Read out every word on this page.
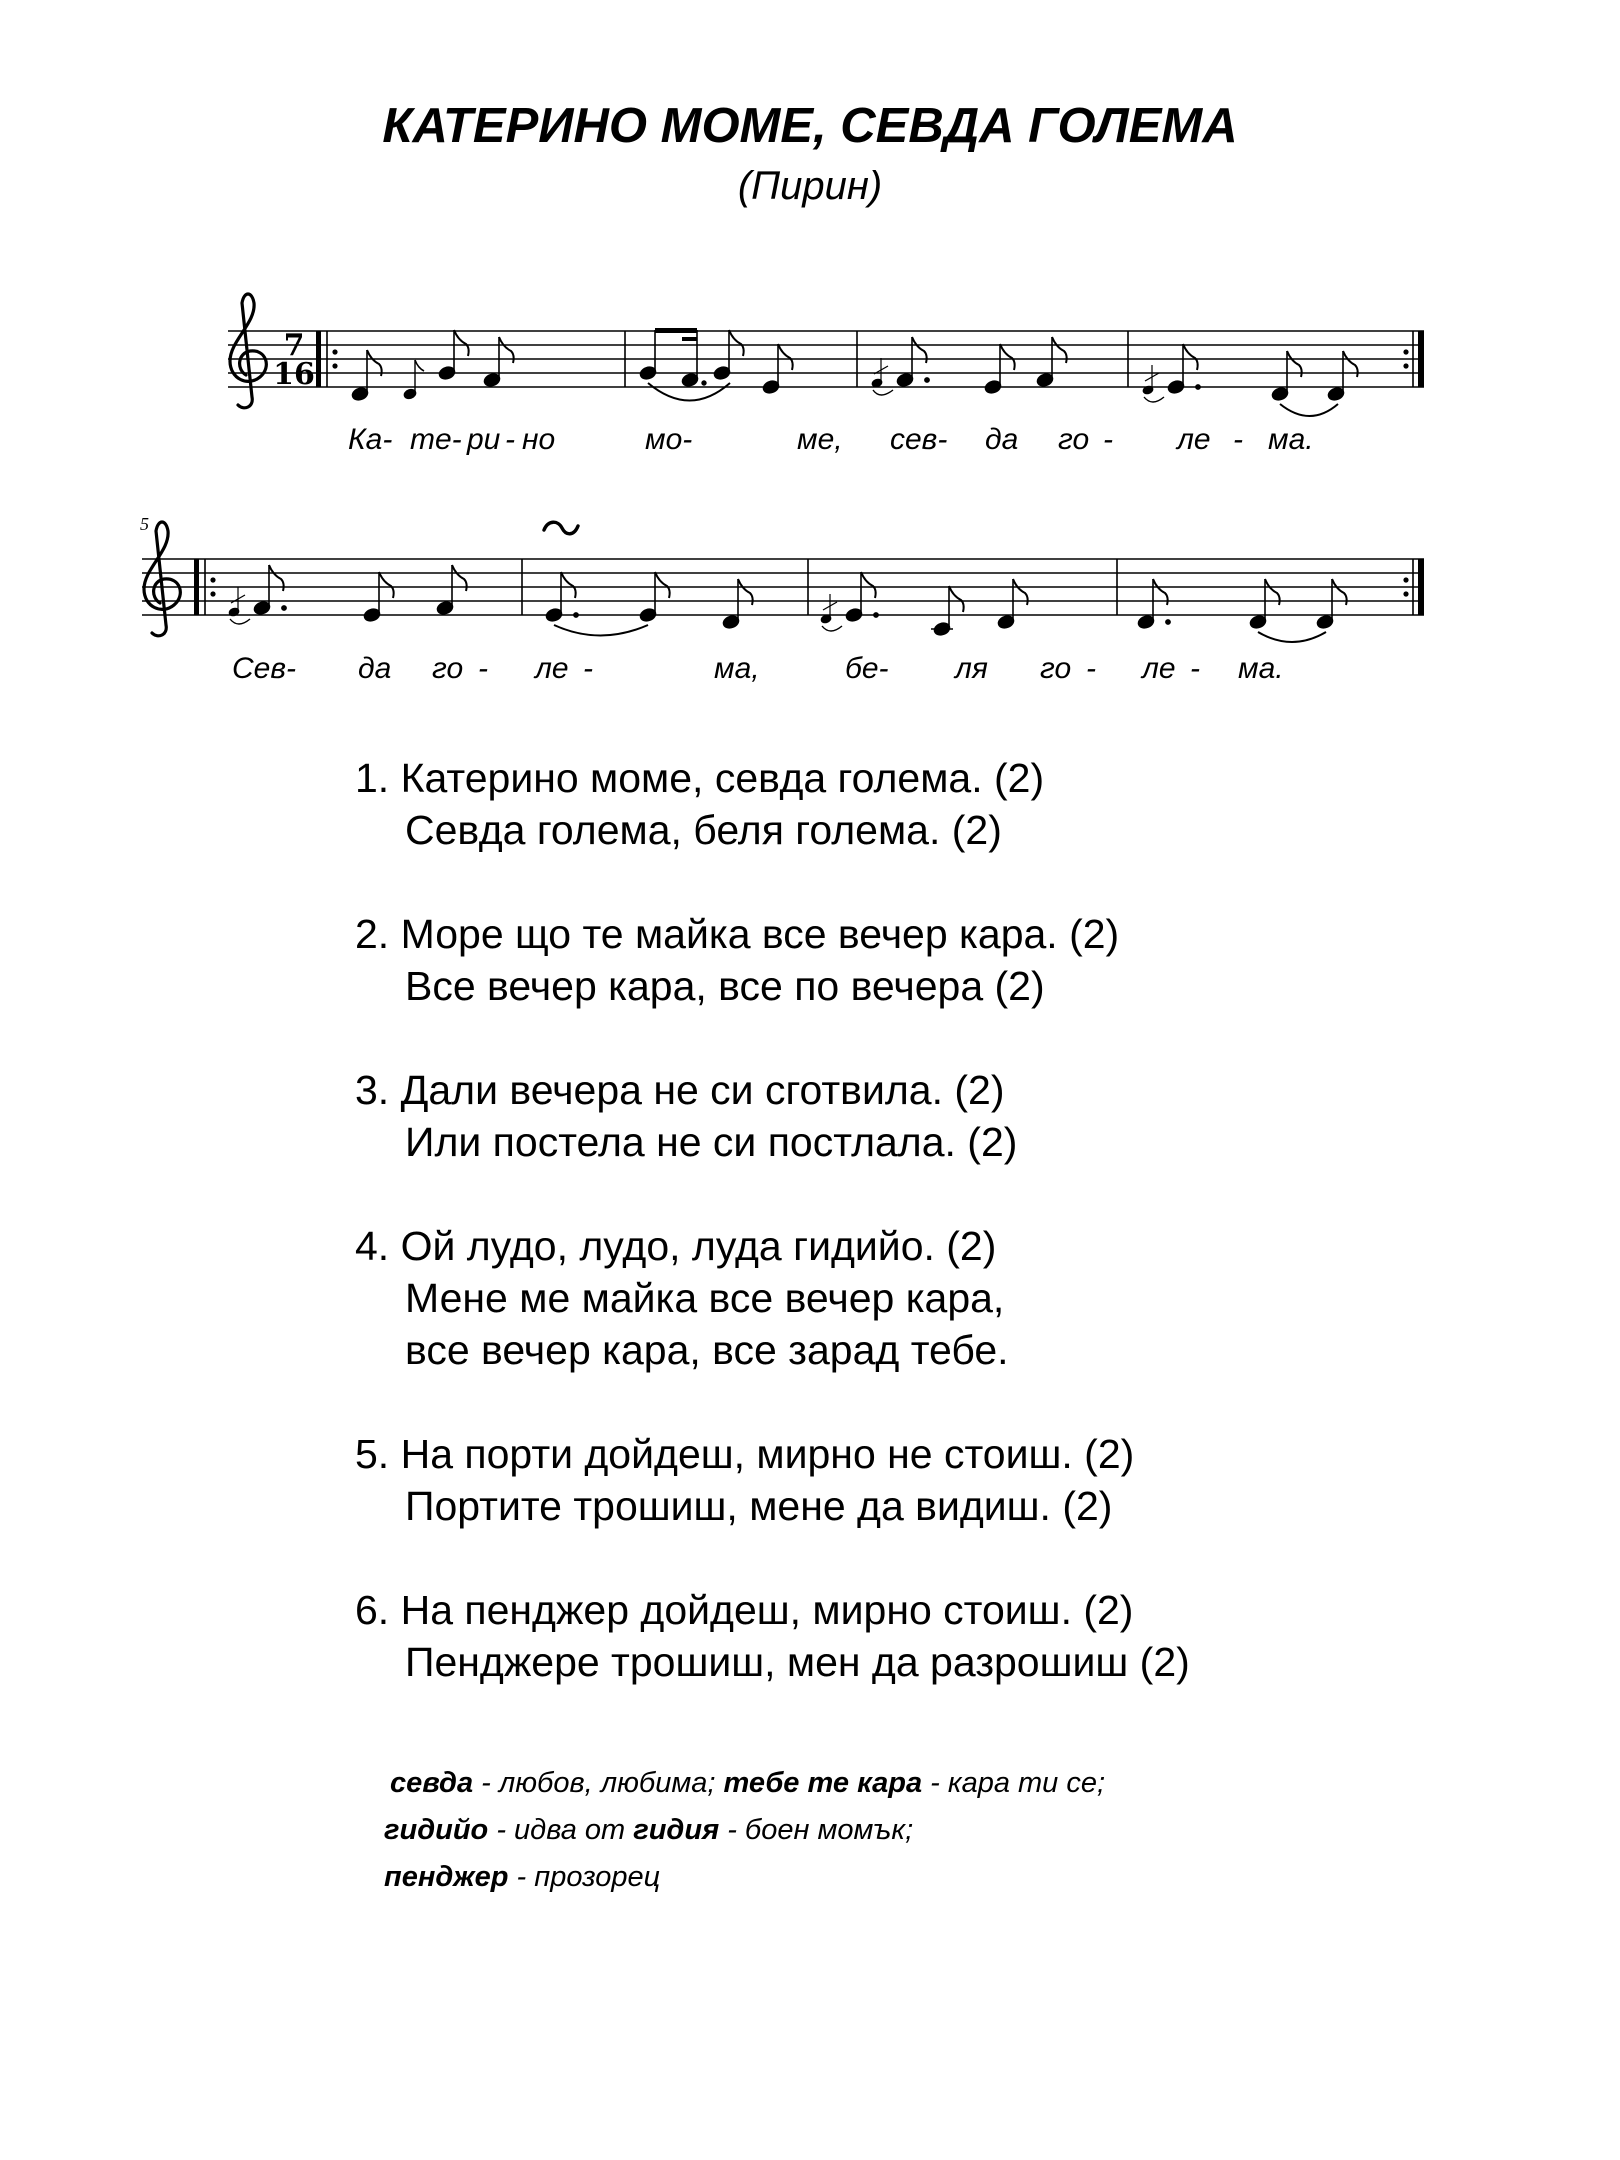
КАТЕРИНО МОМЕ, СЕВДА ГОЛЕМА
(Пирин)
7
16
Ка- те- ри - но	мо-	ме, сев- да го - ле - ма.
5
Сев- да го - ле -	ма,	бе- ля го - ле - ма.
1. Катерино моме, севда голема. (2)
Севда голема, беля голема. (2)
2. Море що те майка все вечер кара. (2)
Все вечер кара, все по вечера (2)
3. Дали вечера не си сготвила. (2)
Или постела не си постлала. (2)
4. Ой лудо, лудо, луда гидийо. (2)
Мене ме майка все вечер кара,
все вечер кара, все зарад тебе.
5. На порти дойдеш, мирно не стоиш. (2)
Портите трошиш, мене да видиш. (2)
6. На пенджер дойдеш, мирно стоиш. (2)
Пенджере трошиш, мен да разрошиш (2)
севда - любов, любима; тебе те кара - кара ти се;
гидийо - идва от гидия - боен момък;
пенджер - прозорец
